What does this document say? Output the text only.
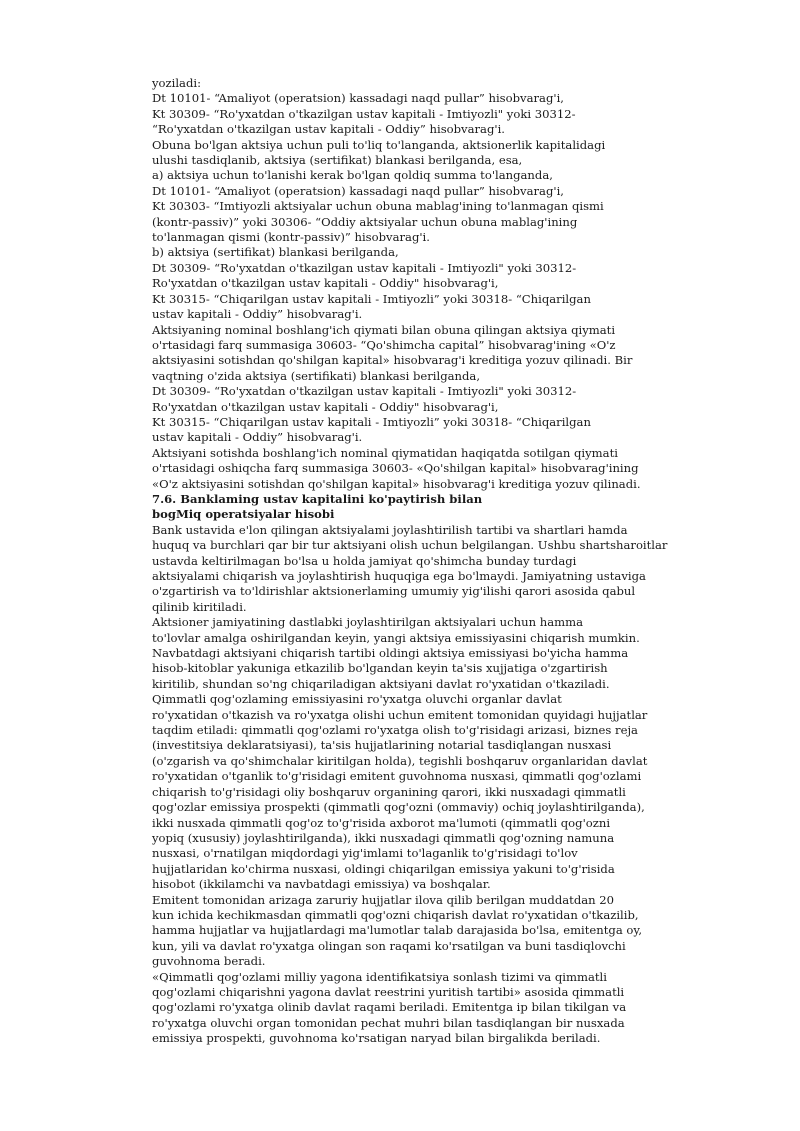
yoziladi:
Dt 10101- “Amaliyot (operatsion) kassadagi naqd pullar” hisobvarag'i,
Kt 30309- “Ro'yxatdan o'tkazilgan ustav kapitali - Imtiyozli" yoki 30312-
“Ro'yxatdan o'tkazilgan ustav kapitali - Oddiy” hisobvarag'i.
Obuna bo'lgan aktsiya uchun puli to'liq to'langanda, aktsionerlik kapitalidagi
ulushi tasdiqlanib, aktsiya (sertifikat) blankasi berilganda, esa,
a) aktsiya uchun to'lanishi kerak bo'lgan qoldiq summa to'langanda,
Dt 10101- “Amaliyot (operatsion) kassadagi naqd pullar” hisobvarag'i,
Kt 30303- “Imtiyozli aktsiyalar uchun obuna mablag'ining to'lanmagan qismi
(kontr-passiv)” yoki 30306- “Oddiy aktsiyalar uchun obuna mablag'ining
to'lanmagan qismi (kontr-passiv)” hisobvarag'i.
b) aktsiya (sertifikat) blankasi berilganda,
Dt 30309- “Ro'yxatdan o'tkazilgan ustav kapitali - Imtiyozli" yoki 30312-
Ro'yxatdan o'tkazilgan ustav kapitali - Oddiy" hisobvarag'i,
Kt 30315- “Chiqarilgan ustav kapitali - Imtiyozli” yoki 30318- “Chiqarilgan
ustav kapitali - Oddiy” hisobvarag'i.
Aktsiyaning nominal boshlang'ich qiymati bilan obuna qilingan aktsiya qiymati
o'rtasidagi farq summasiga 30603- “Qo'shimcha capital” hisobvarag'ining «O'z
aktsiyasini sotishdan qo'shilgan kapital» hisobvarag'i kreditiga yozuv qilinadi. Bir
vaqtning o'zida aktsiya (sertifikati) blankasi berilganda,
Dt 30309- “Ro'yxatdan o'tkazilgan ustav kapitali - Imtiyozli" yoki 30312-
Ro'yxatdan o'tkazilgan ustav kapitali - Oddiy" hisobvarag'i,
Kt 30315- “Chiqarilgan ustav kapitali - Imtiyozli” yoki 30318- “Chiqarilgan
ustav kapitali - Oddiy” hisobvarag'i.
Aktsiyani sotishda boshlang'ich nominal qiymatidan haqiqatda sotilgan qiymati
o'rtasidagi oshiqcha farq summasiga 30603- «Qo'shilgan kapital» hisobvarag'ining
«O'z aktsiyasini sotishdan qo'shilgan kapital» hisobvarag'i kreditiga yozuv qilinadi.
7.6. Banklaming ustav kapitalini ko'paytirish bilan
bogMiq operatsiyalar hisobi
Bank ustavida e'lon qilingan aktsiyalami joylashtirilish tartibi va shartlari hamda
huquq va burchlari qar bir tur aktsiyani olish uchun belgilangan. Ushbu shartsharoitlar
ustavda keltirilmagan bo'lsa u holda jamiyat qo'shimcha bunday turdagi
aktsiyalami chiqarish va joylashtirish huquqiga ega bo'lmaydi. Jamiyatning ustaviga
o'zgartirish va to'ldirishlar aktsionerlaming umumiy yig'ilishi qarori asosida qabul
qilinib kiritiladi.
Aktsioner jamiyatining dastlabki joylashtirilgan aktsiyalari uchun hamma
to'lovlar amalga oshirilgandan keyin, yangi aktsiya emissiyasini chiqarish mumkin.
Navbatdagi aktsiyani chiqarish tartibi oldingi aktsiya emissiyasi bo'yicha hamma
hisob-kitoblar yakuniga etkazilib bo'lgandan keyin ta'sis xujjatiga o'zgartirish
kiritilib, shundan so'ng chiqariladigan aktsiyani davlat ro'yxatidan o'tkaziladi.
Qimmatli qog'ozlaming emissiyasini ro'yxatga oluvchi organlar davlat
ro'yxatidan o'tkazish va ro'yxatga olishi uchun emitent tomonidan quyidagi hujjatlar
taqdim etiladi: qimmatli qog'ozlami ro'yxatga olish to'g'risidagi arizasi, biznes reja
(investitsiya deklaratsiyasi), ta'sis hujjatlarining notarial tasdiqlangan nusxasi
(o'zgarish va qo'shimchalar kiritilgan holda), tegishli boshqaruv organlaridan davlat
ro'yxatidan o'tganlik to'g'risidagi emitent guvohnoma nusxasi, qimmatli qog'ozlami
chiqarish to'g'risidagi oliy boshqaruv organining qarori, ikki nusxadagi qimmatli
qog'ozlar emissiya prospekti (qimmatli qog'ozni (ommaviy) ochiq joylashtirilganda),
ikki nusxada qimmatli qog'oz to'g'risida axborot ma'lumoti (qimmatli qog'ozni
yopiq (xususiy) joylashtirilganda), ikki nusxadagi qimmatli qog'ozning namuna
nusxasi, o'rnatilgan miqdordagi yig'imlami to'laganlik to'g'risidagi to'lov
hujjatlaridan ko'chirma nusxasi, oldingi chiqarilgan emissiya yakuni to'g'risida
hisobot (ikkilamchi va navbatdagi emissiya) va boshqalar.
Emitent tomonidan arizaga zaruriy hujjatlar ilova qilib berilgan muddatdan 20
kun ichida kechikmasdan qimmatli qog'ozni chiqarish davlat ro'yxatidan o'tkazilib,
hamma hujjatlar va hujjatlardagi ma'lumotlar talab darajasida bo'lsa, emitentga oy,
kun, yili va davlat ro'yxatga olingan son raqami ko'rsatilgan va buni tasdiqlovchi
guvohnoma beradi.
«Qimmatli qog'ozlami milliy yagona identifikatsiya sonlash tizimi va qimmatli
qog'ozlami chiqarishni yagona davlat reestrini yuritish tartibi» asosida qimmatli
qog'ozlami ro'yxatga olinib davlat raqami beriladi. Emitentga ip bilan tikilgan va
ro'yxatga oluvchi organ tomonidan pechat muhri bilan tasdiqlangan bir nusxada
emissiya prospekti, guvohnoma ko'rsatigan naryad bilan birgalikda beriladi.
